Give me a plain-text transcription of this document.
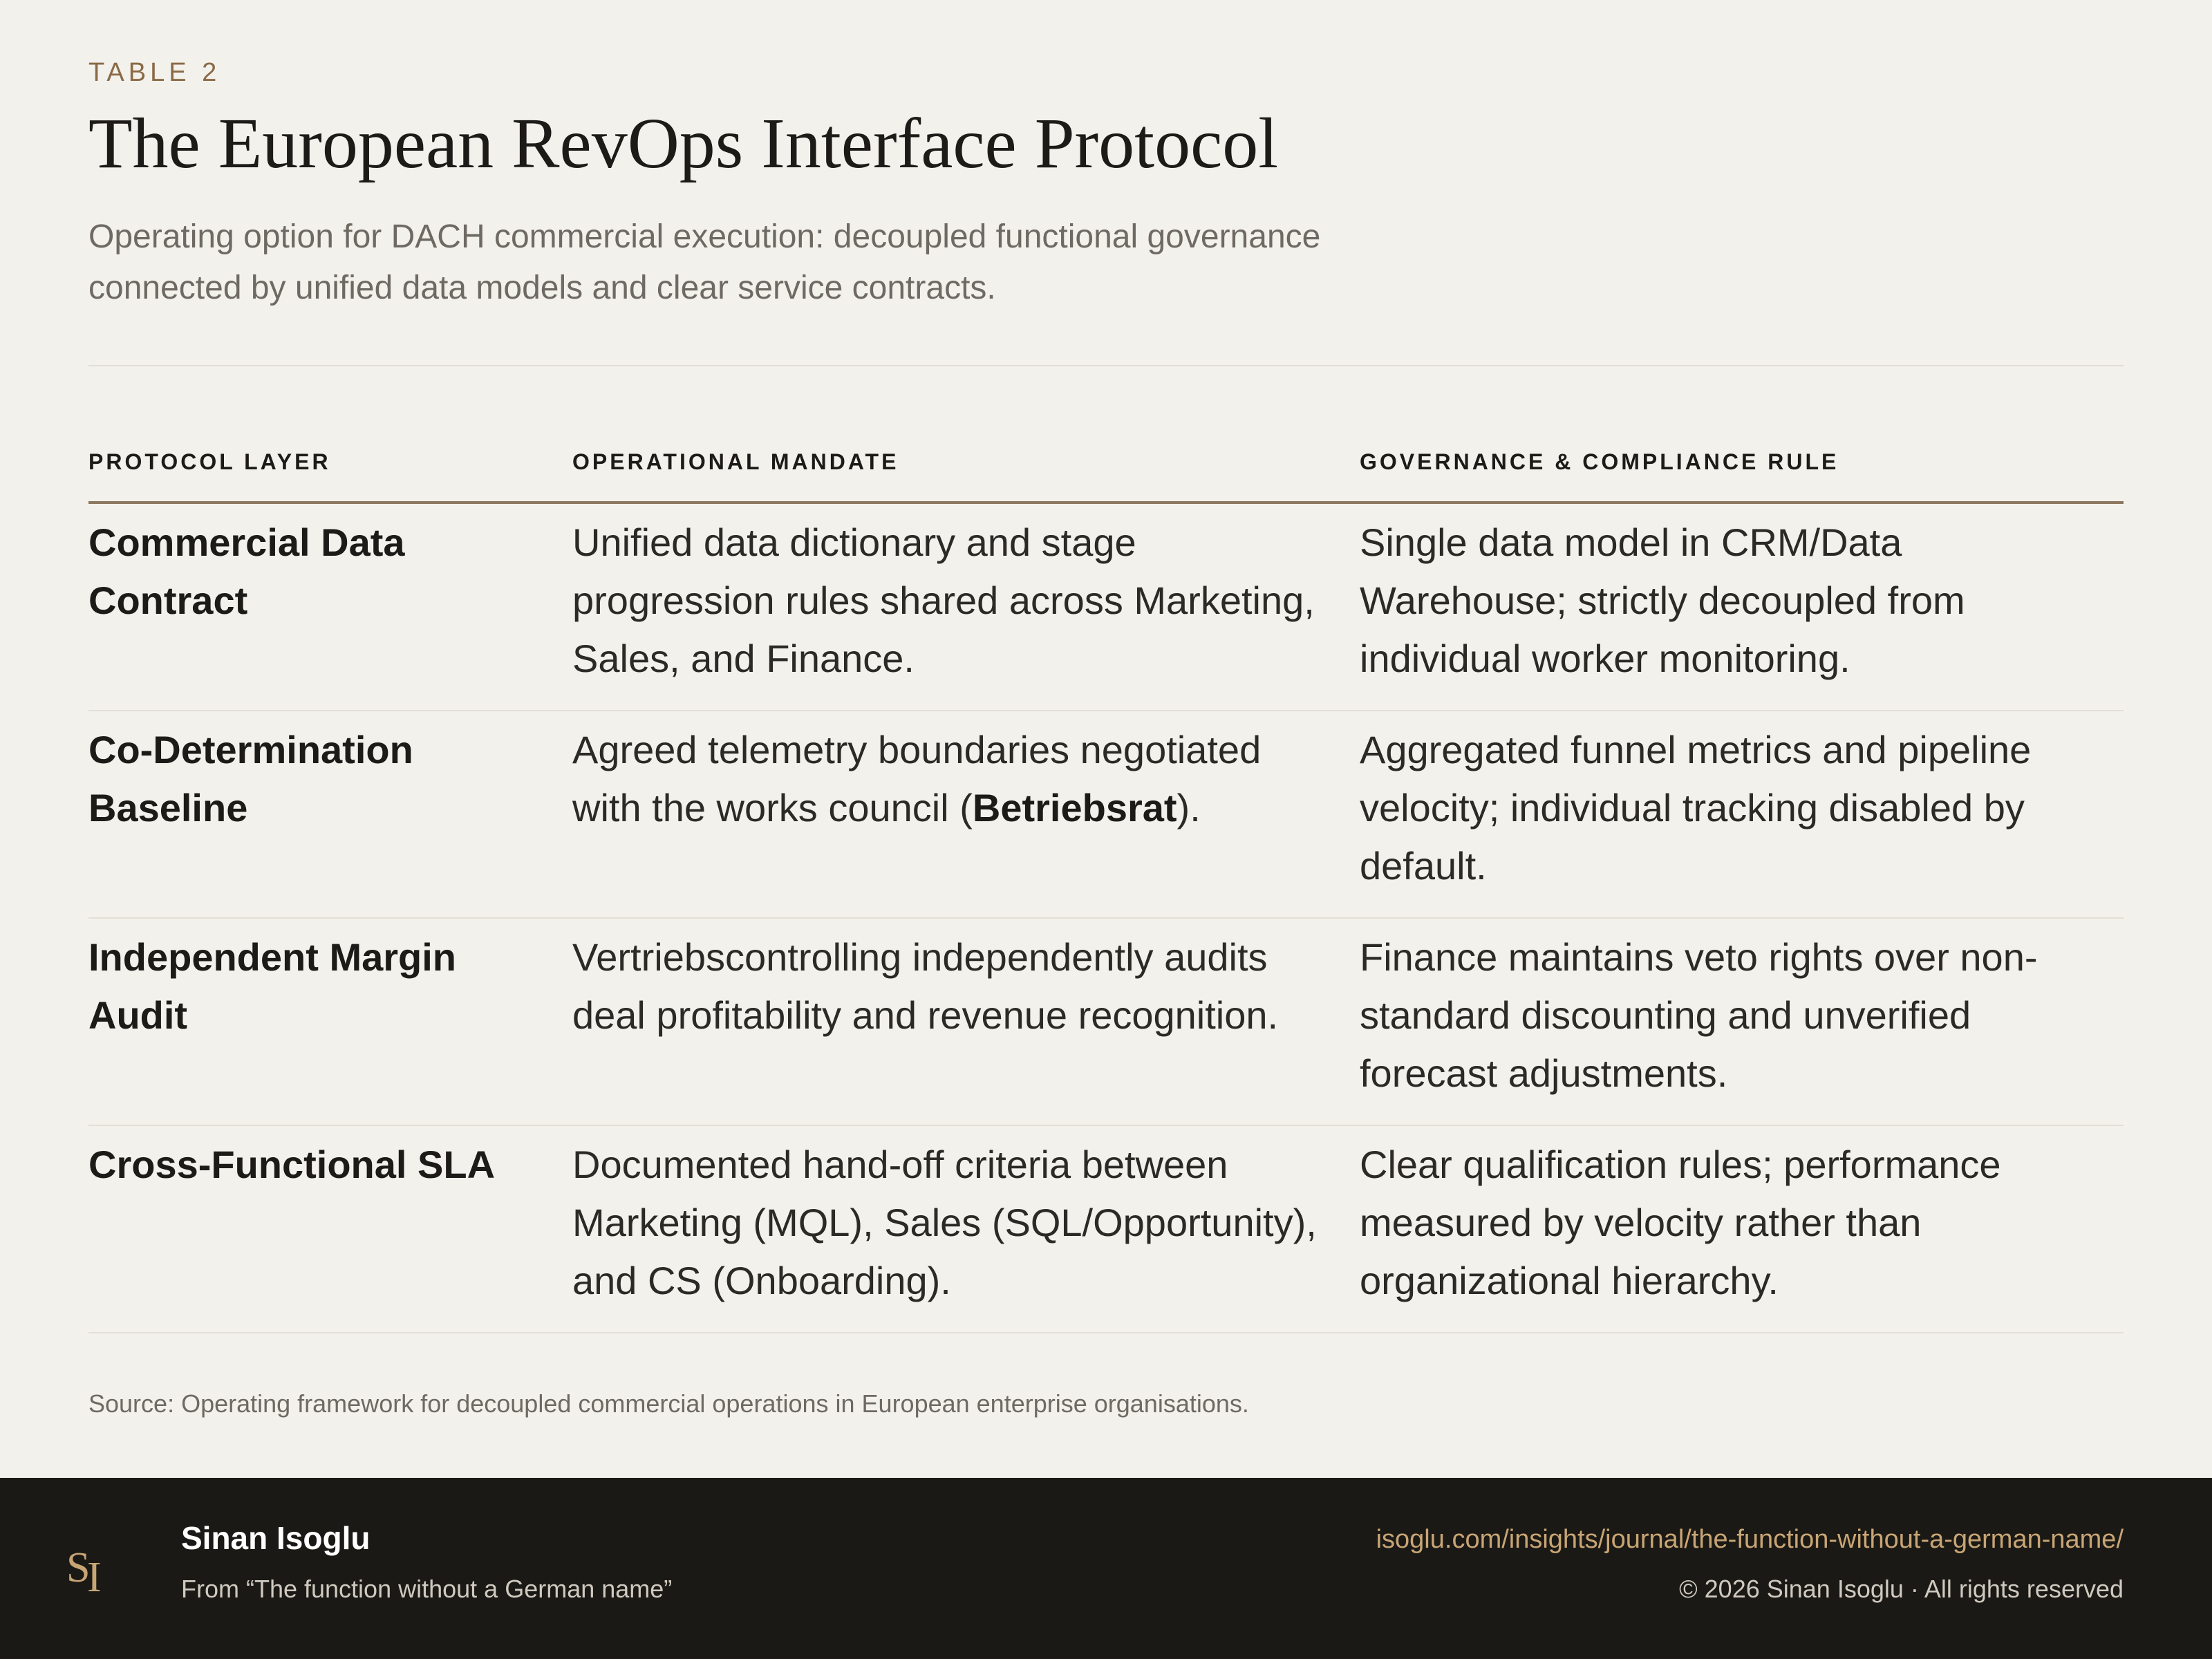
TABLE 2
The European RevOps Interface Protocol

Operating option for DACH commercial execution: decoupled functional governance connected by unified data models and clear service contracts.

PROTOCOL LAYER	OPERATIONAL MANDATE	GOVERNANCE & COMPLIANCE RULE
Commercial Data Contract	Unified data dictionary and stage progression rules shared across Marketing, Sales, and Finance.	Single data model in CRM/Data Warehouse; strictly decoupled from individual worker monitoring.
Co-Determination Baseline	Agreed telemetry boundaries negotiated with the works council (Betriebsrat).	Aggregated funnel metrics and pipeline velocity; individual tracking disabled by default.
Independent Margin Audit	Vertriebscontrolling independently audits deal profitability and revenue recognition.	Finance maintains veto rights over non-standard discounting and unverified forecast adjustments.
Cross-Functional SLA	Documented hand-off criteria between Marketing (MQL), Sales (SQL/Opportunity), and CS (Onboarding).	Clear qualification rules; performance measured by velocity rather than organizational hierarchy.
Source: Operating framework for decoupled commercial operations in European enterprise organisations.
S
I
Sinan Isoglu
From “The function without a German name”
isoglu.com/insights/journal/the-function-without-a-german-name/
© 2026 Sinan Isoglu · All rights reserved
